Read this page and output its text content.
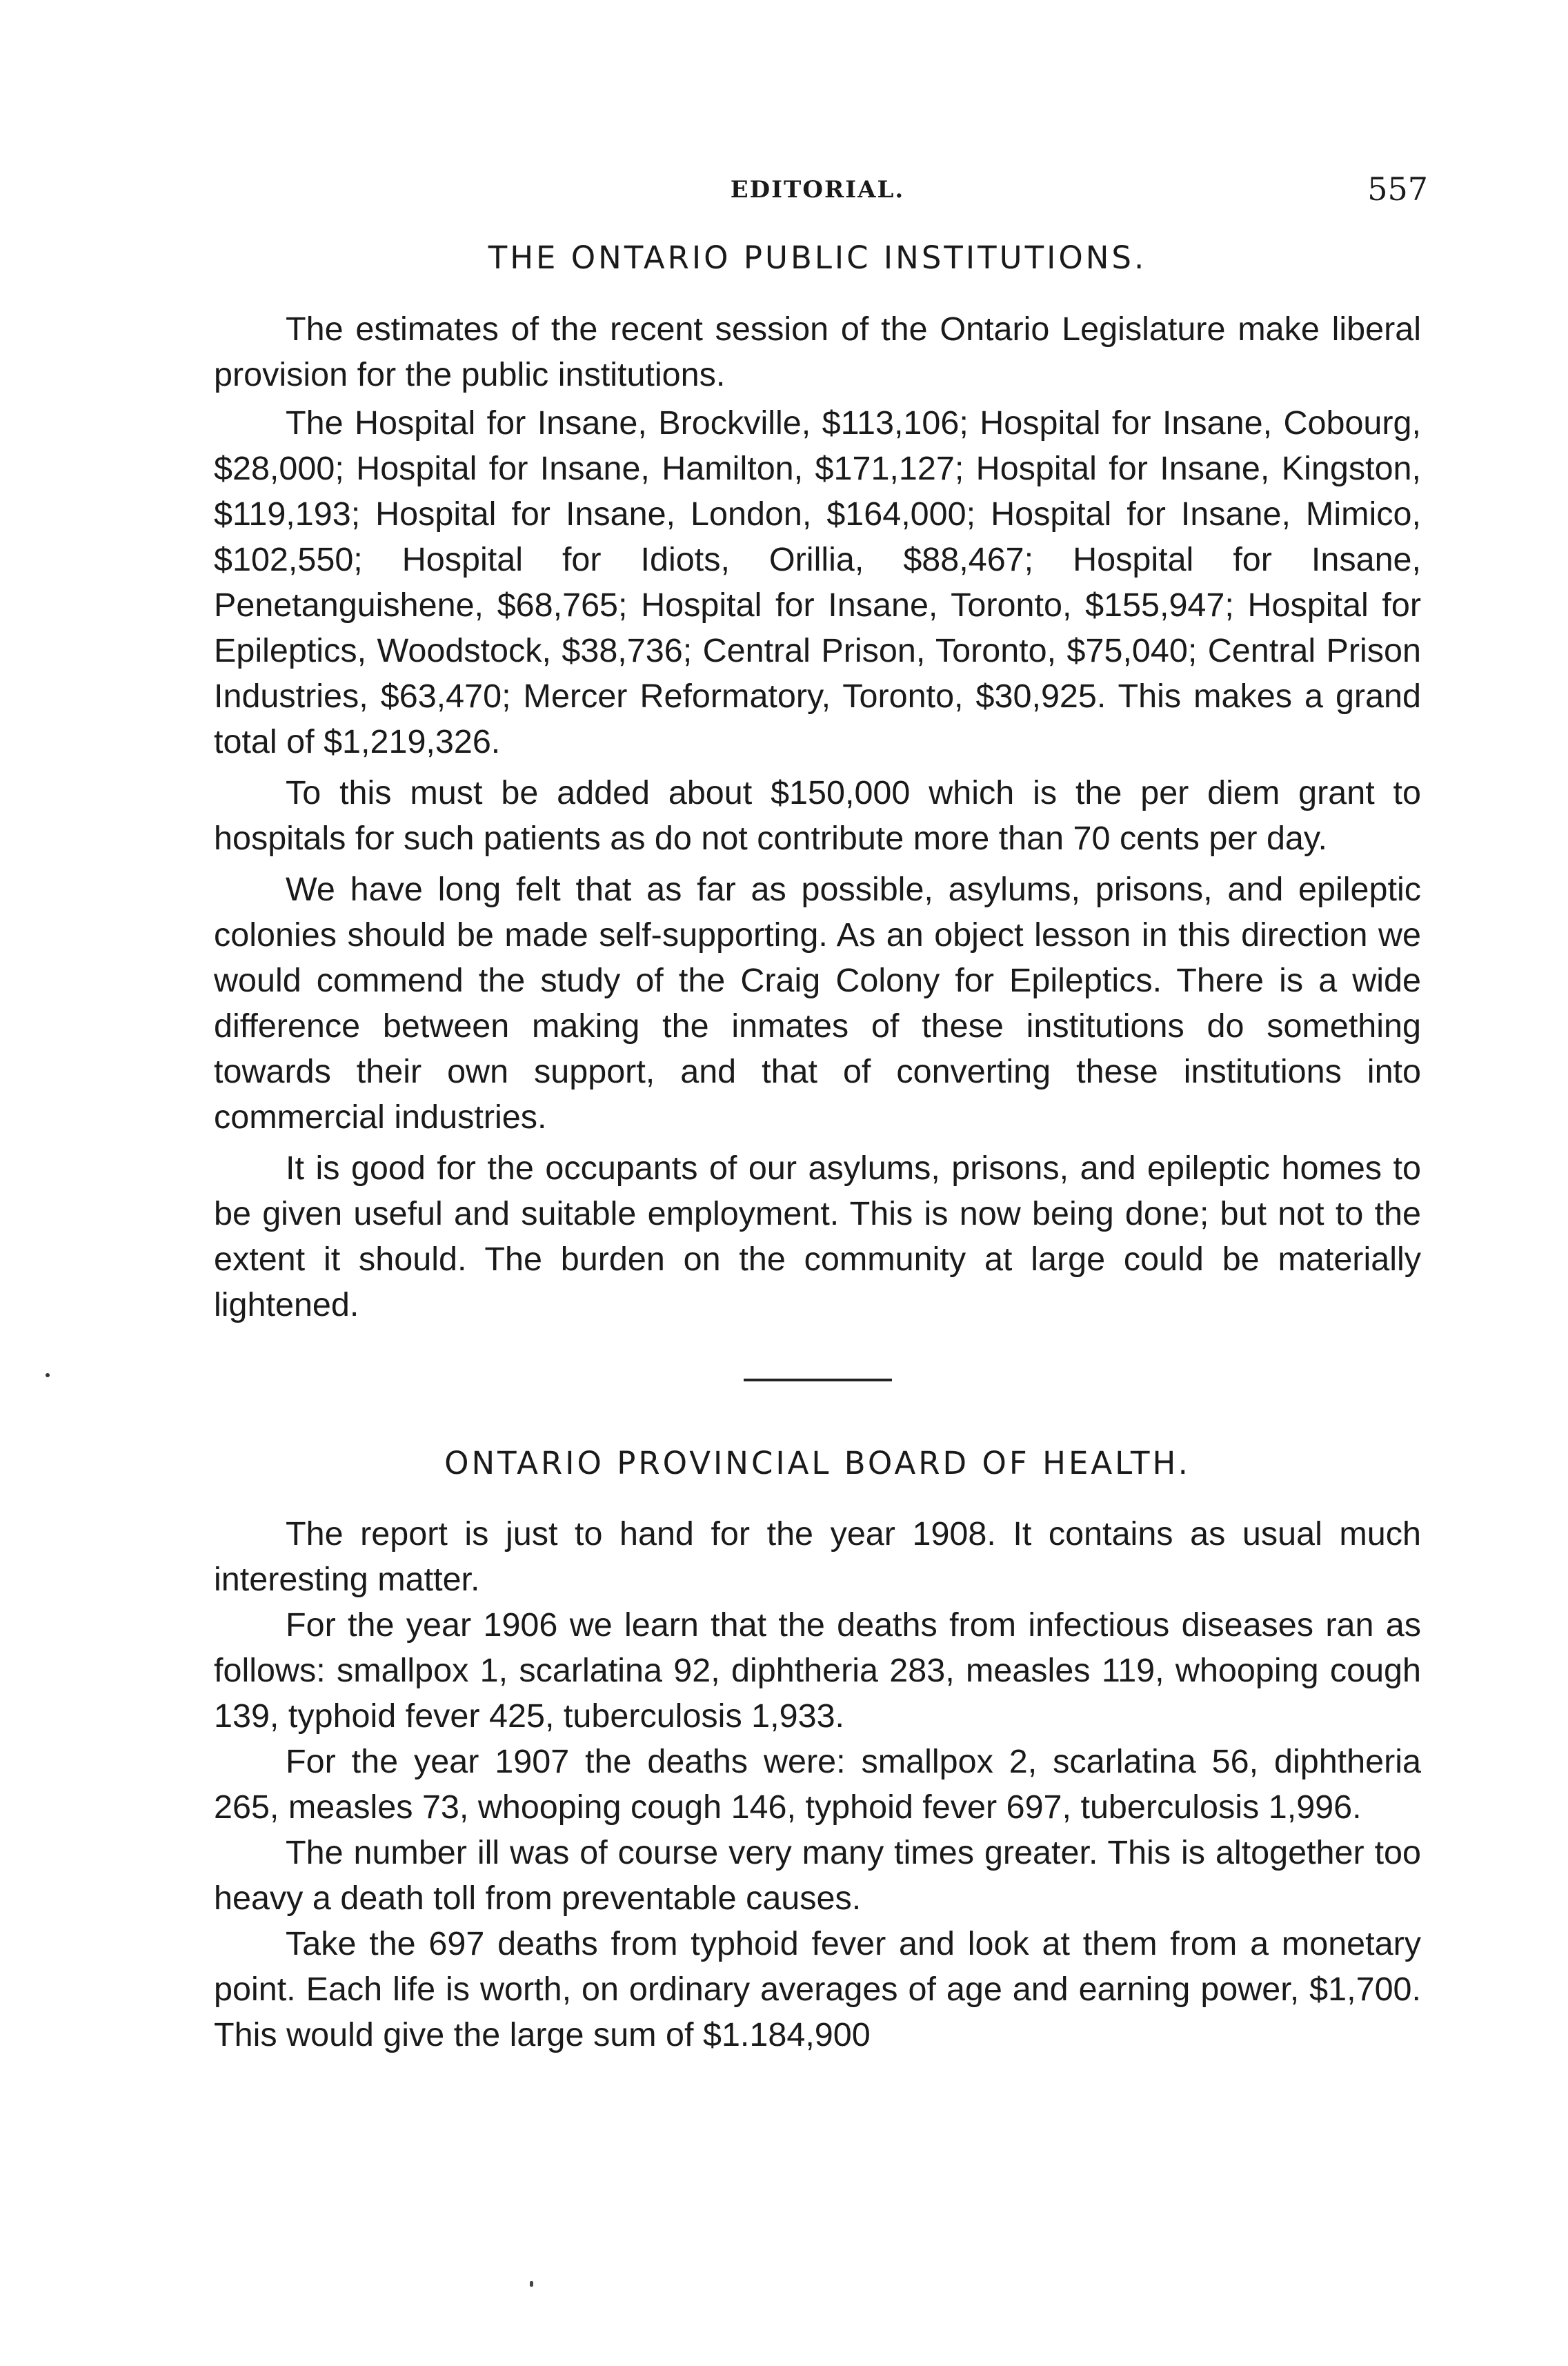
EDITORIAL.	557
THE ONTARIO PUBLIC INSTITUTIONS.

The estimates of the recent session of the Ontario Legislature make liberal provision for the public institutions.

The Hospital for Insane, Brockville, $113,106; Hospital for Insane, Cobourg, $28,000; Hospital for Insane, Hamilton, $171,127; Hospital for Insane, Kingston, $119,193; Hospital for Insane, London, $164,000; Hospital for Insane, Mimico, $102,550; Hospital for Idiots, Orillia, $88,467; Hospital for Insane, Penetanguishene, $68,765; Hospital for Insane, Toronto, $155,947; Hospital for Epileptics, Woodstock, $38,736; Central Prison, Toronto, $75,040; Central Prison Industries, $63,470; Mercer Reformatory, Toronto, $30,925. This makes a grand total of $1,219,326.

To this must be added about $150,000 which is the per diem grant to hospitals for such patients as do not contribute more than 70 cents per day.

We have long felt that as far as possible, asylums, prisons, and epileptic colonies should be made self-supporting. As an object lesson in this direction we would commend the study of the Craig Colony for Epileptics. There is a wide difference between making the inmates of these institutions do something towards their own support, and that of converting these institutions into commercial industries.

It is good for the occupants of our asylums, prisons, and epileptic homes to be given useful and suitable employment. This is now being done; but not to the extent it should. The burden on the community at large could be materially lightened.

ONTARIO PROVINCIAL BOARD OF HEALTH.

The report is just to hand for the year 1908. It contains as usual much interesting matter.

For the year 1906 we learn that the deaths from infectious diseases ran as follows: smallpox 1, scarlatina 92, diphtheria 283, measles 119, whooping cough 139, typhoid fever 425, tuberculosis 1,933.

For the year 1907 the deaths were: smallpox 2, scarlatina 56, diphtheria 265, measles 73, whooping cough 146, typhoid fever 697, tuberculosis 1,996.

The number ill was of course very many times greater. This is altogether too heavy a death toll from preventable causes.

Take the 697 deaths from typhoid fever and look at them from a monetary point. Each life is worth, on ordinary averages of age and earning power, $1,700. This would give the large sum of $1.184,900
